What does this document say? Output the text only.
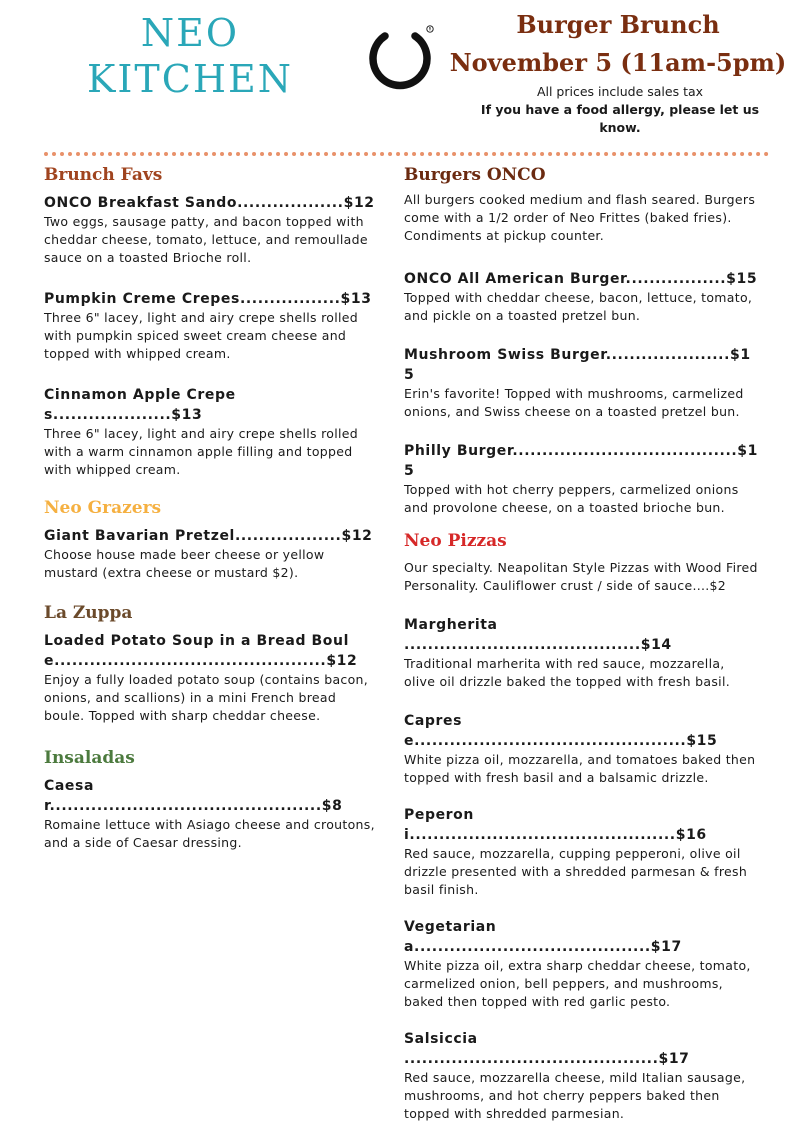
NEO
KITCHEN
R	Burger Brunch
November 5 (11am-5pm)
All prices include sales tax
If you have a food allergy, please let us know.
Brunch Favs
ONCO Breakfast Sando..................$12
Two eggs, sausage patty, and bacon topped with cheddar cheese, tomato, lettuce, and remoullade sauce on a toasted Brioche roll.
Pumpkin Creme Crepes.................$13
Three 6" lacey, light and airy crepe shells rolled with pumpkin spiced sweet cream cheese and topped with whipped cream.
Cinnamon Apple Crepes....................$13
Three 6" lacey, light and airy crepe shells rolled with a warm cinnamon apple filling and topped with whipped cream.
Neo Grazers
Giant Bavarian Pretzel..................$12
Choose house made beer cheese or yellow mustard (extra cheese or mustard $2).
La Zuppa
Loaded Potato Soup in a Bread Boule..............................................$12
Enjoy a fully loaded potato soup (contains bacon, onions, and scallions) in a mini French bread boule. Topped with sharp cheddar cheese.
Insaladas
Caesar..............................................$8
Romaine lettuce with Asiago cheese and croutons, and a side of Caesar dressing.
Burgers ONCO
All burgers cooked medium and flash seared. Burgers come with a 1/2 order of Neo Frittes (baked fries). Condiments at pickup counter.
ONCO All American Burger.................$15
Topped with cheddar cheese, bacon, lettuce, tomato, and pickle on a toasted pretzel bun.
Mushroom Swiss Burger.....................$15
Erin's favorite! Topped with mushrooms, carmelized onions, and Swiss cheese on a toasted pretzel bun.
Philly Burger......................................$15
Topped with hot cherry peppers, carmelized onions and provolone cheese, on a toasted brioche bun.
Neo Pizzas
Our specialty. Neapolitan Style Pizzas with Wood Fired Personality. Cauliflower crust / side of sauce....$2
Margherita ........................................$14
Traditional marherita with red sauce, mozzarella, olive oil drizzle baked the topped with fresh basil.
Caprese..............................................$15
White pizza oil, mozzarella, and tomatoes baked then topped with fresh basil and a balsamic drizzle.
Peperoni.............................................$16
Red sauce, mozzarella, cupping pepperoni, olive oil drizzle presented with a shredded parmesan & fresh basil finish.
Vegetariana........................................$17
White pizza oil, extra sharp cheddar cheese, tomato, carmelized onion, bell peppers, and mushrooms, baked then topped with red garlic pesto.
Salsiccia ...........................................$17
Red sauce, mozzarella cheese, mild Italian sausage, mushrooms, and hot cherry peppers baked then topped with shredded parmesian.
